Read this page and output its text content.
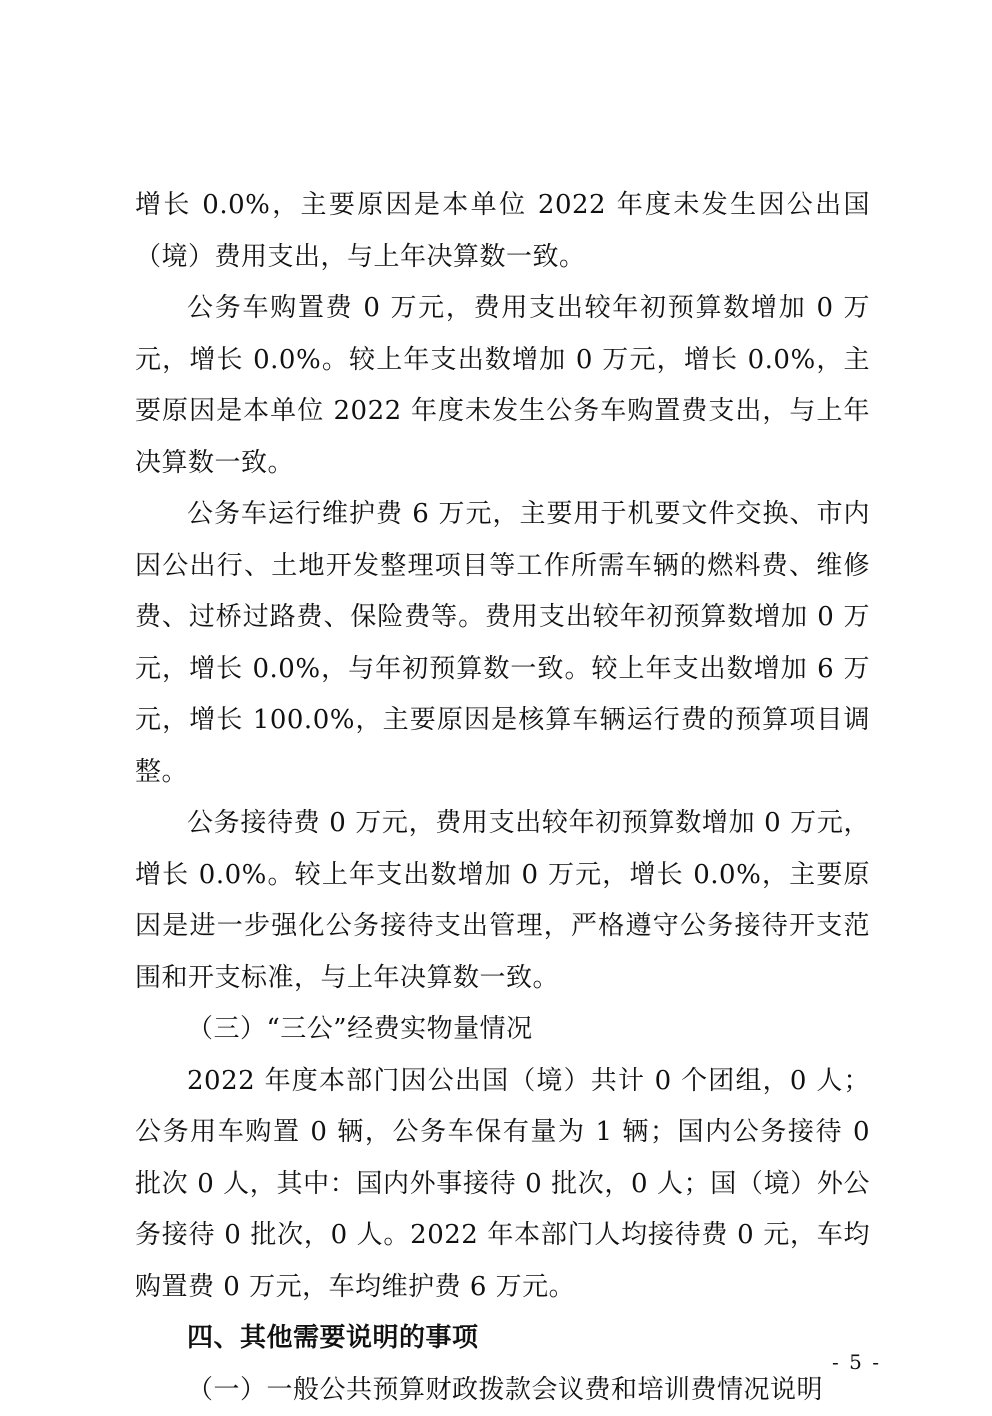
增长 0.0%，主要原因是本单位 2022 年度未发生因公出国（境）费用支出，与上年决算数一致。

公务车购置费 0 万元，费用支出较年初预算数增加 0 万元，增长 0.0%。较上年支出数增加 0 万元，增长 0.0%，主要原因是本单位 2022 年度未发生公务车购置费支出，与上年决算数一致。

公务车运行维护费 6 万元，主要用于机要文件交换、市内因公出行、土地开发整理项目等工作所需车辆的燃料费、维修费、过桥过路费、保险费等。费用支出较年初预算数增加 0 万元，增长 0.0%，与年初预算数一致。较上年支出数增加 6 万元，增长 100.0%，主要原因是核算车辆运行费的预算项目调整。

公务接待费 0 万元，费用支出较年初预算数增加 0 万元，增长 0.0%。较上年支出数增加 0 万元，增长 0.0%，主要原因是进一步强化公务接待支出管理，严格遵守公务接待开支范围和开支标准，与上年决算数一致。

（三）“三公”经费实物量情况

2022 年度本部门因公出国（境）共计 0 个团组，0 人；公务用车购置 0 辆，公务车保有量为 1 辆；国内公务接待 0 批次 0 人，其中：国内外事接待 0 批次，0 人；国（境）外公务接待 0 批次，0 人。2022 年本部门人均接待费 0 元，车均购置费 0 万元，车均维护费 6 万元。

四、其他需要说明的事项

（一）一般公共预算财政拨款会议费和培训费情况说明

- 5 -
